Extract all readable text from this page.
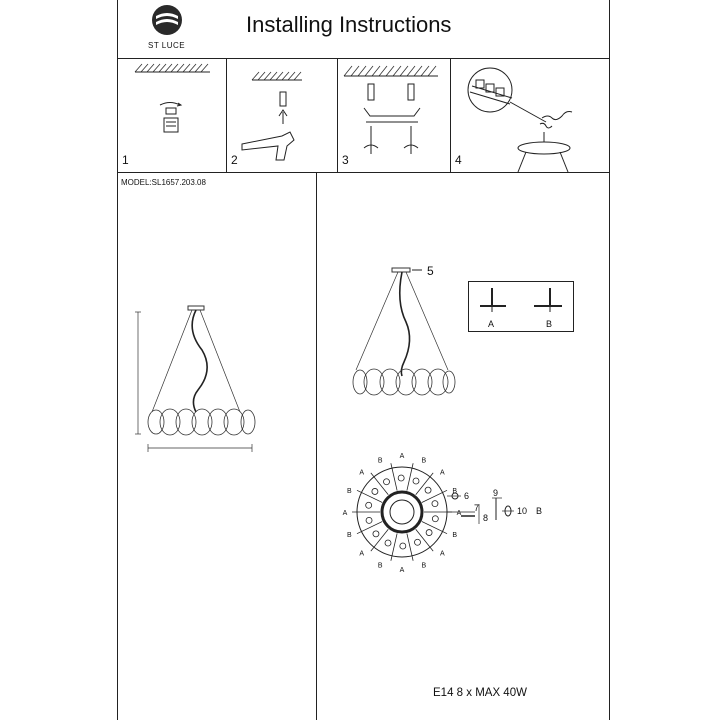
ST LUCE
Installing Instructions
1	2	3	4
MODEL:SL1657.203.08
5
A	B
A
B
A
B
A
B
A
B
A
B
A
B
A
B
A
B
6
7
8
9
10 B
E14 8 x MAX 40W
